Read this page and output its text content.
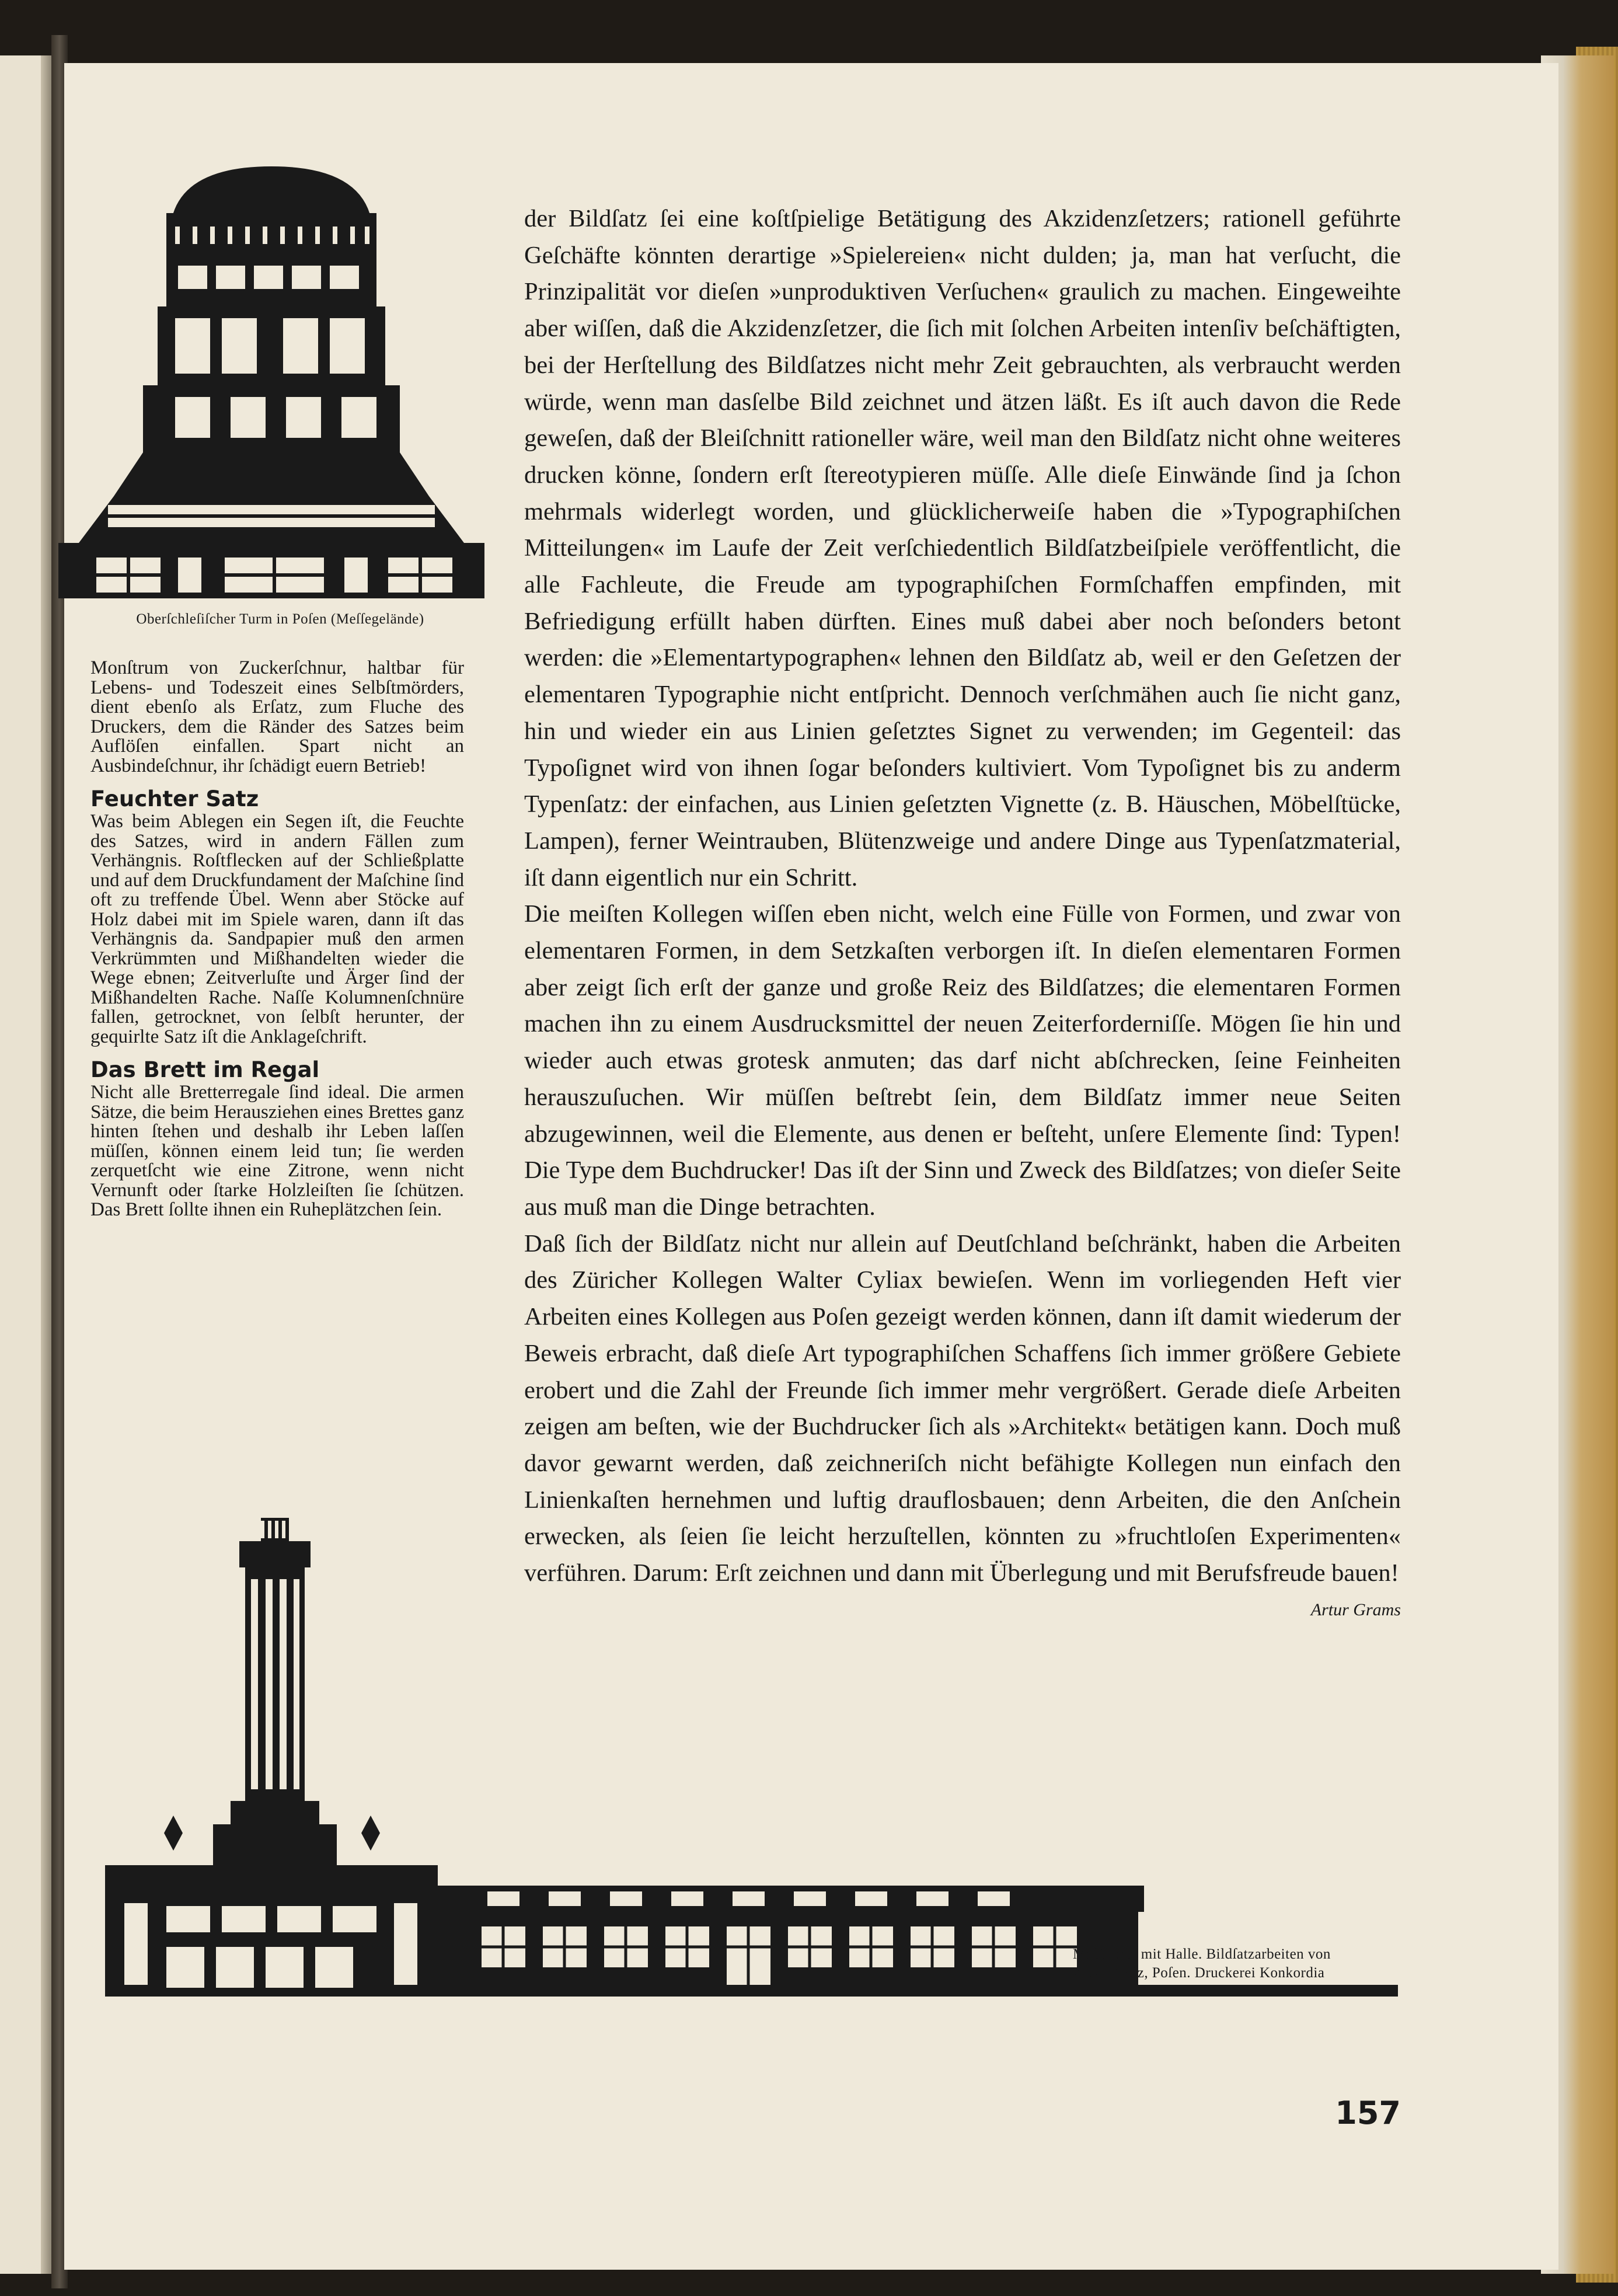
Oberſchleſiſcher Turm in Poſen (Meſſegelände)

Monſtrum von Zuckerſchnur, haltbar für Lebens- und Todeszeit eines Selbſtmörders, dient ebenſo als Erſatz, zum Fluche des Druckers, dem die Ränder des Satzes beim Auflöſen einfallen. Spart nicht an Ausbindeſchnur, ihr ſchädigt euern Betrieb!

Feuchter Satz

Was beim Ablegen ein Segen iſt, die Feuchte des Satzes, wird in andern Fällen zum Verhängnis. Roſtflecken auf der Schließplatte und auf dem Druckfundament der Maſchine ſind oft zu treffende Übel. Wenn aber Stöcke auf Holz dabei mit im Spiele waren, dann iſt das Verhängnis da. Sandpapier muß den armen Verkrümmten und Mißhandelten wieder die Wege ebnen; Zeitverluſte und Ärger ſind der Mißhandelten Rache. Naſſe Kolumnenſchnüre fallen, getrocknet, von ſelbſt herunter, der gequirlte Satz iſt die Anklageſchrift.

Das Brett im Regal

Nicht alle Bretterregale ſind ideal. Die armen Sätze, die beim Herausziehen eines Brettes ganz hinten ſtehen und deshalb ihr Leben laſſen müſſen, können einem leid tun; ſie werden zerquetſcht wie eine Zitrone, wenn nicht Vernunft oder ſtarke Holzleiſten ſie ſchützen. Das Brett ſollte ihnen ein Ruheplätzchen ſein.

der Bildſatz ſei eine koſtſpielige Betätigung des Akzidenzſetzers; rationell geführte Geſchäfte könnten derartige »Spielereien« nicht dulden; ja, man hat verſucht, die Prinzipalität vor dieſen »unproduktiven Verſuchen« graulich zu machen. Eingeweihte aber wiſſen, daß die Akzidenzſetzer, die ſich mit ſolchen Arbeiten intenſiv beſchäftigten, bei der Herſtellung des Bildſatzes nicht mehr Zeit gebrauchten, als verbraucht werden würde, wenn man dasſelbe Bild zeichnet und ätzen läßt. Es iſt auch davon die Rede geweſen, daß der Bleiſchnitt rationeller wäre, weil man den Bildſatz nicht ohne weiteres drucken könne, ſondern erſt ſtereotypieren müſſe. Alle dieſe Einwände ſind ja ſchon mehrmals widerlegt worden, und glücklicherweiſe haben die »Typographiſchen Mitteilungen« im Laufe der Zeit verſchiedentlich Bildſatzbeiſpiele veröffentlicht, die alle Fachleute, die Freude am typographiſchen Formſchaffen empfinden, mit Befriedigung erfüllt haben dürften. Eines muß dabei aber noch beſonders betont werden: die »Elementartypographen« lehnen den Bildſatz ab, weil er den Geſetzen der elementaren Typographie nicht entſpricht. Dennoch verſchmähen auch ſie nicht ganz, hin und wieder ein aus Linien geſetztes Signet zu verwenden; im Gegenteil: das Typoſignet wird von ihnen ſogar beſonders kultiviert. Vom Typoſignet bis zu anderm Typenſatz: der einfachen, aus Linien geſetzten Vignette (z. B. Häuschen, Möbelſtücke, Lampen), ferner Weintrauben, Blütenzweige und andere Dinge aus Typenſatzmaterial, iſt dann eigentlich nur ein Schritt.

Die meiſten Kollegen wiſſen eben nicht, welch eine Fülle von Formen, und zwar von elementaren Formen, in dem Setzkaſten verborgen iſt. In dieſen elementaren Formen aber zeigt ſich erſt der ganze und große Reiz des Bildſatzes; die elementaren Formen machen ihn zu einem Ausdrucksmittel der neuen Zeiterforderniſſe. Mögen ſie hin und wieder auch etwas grotesk anmuten; das darf nicht abſchrecken, ſeine Feinheiten herauszuſuchen. Wir müſſen beſtrebt ſein, dem Bildſatz immer neue Seiten abzugewinnen, weil die Elemente, aus denen er beſteht, unſere Elemente ſind: Typen! Die Type dem Buchdrucker! Das iſt der Sinn und Zweck des Bildſatzes; von dieſer Seite aus muß man die Dinge betrachten.

Daß ſich der Bildſatz nicht nur allein auf Deutſchland beſchränkt, haben die Arbeiten des Züricher Kollegen Walter Cyliax bewieſen. Wenn im vorliegenden Heft vier Arbeiten eines Kollegen aus Poſen gezeigt werden können, dann iſt damit wiederum der Beweis erbracht, daß dieſe Art typographiſchen Schaffens ſich immer größere Gebiete erobert und die Zahl der Freunde ſich immer mehr vergrößert. Gerade dieſe Arbeiten zeigen am beſten, wie der Buchdrucker ſich als »Architekt« betätigen kann. Doch muß davor gewarnt werden, daß zeichneriſch nicht befähigte Kollegen nun einfach den Linienkaſten hernehmen und luftig drauflosbauen; denn Arbeiten, die den Anſchein erwecken, als ſeien ſie leicht herzuſtellen, könnten zu »fruchtloſen Experimenten« verführen. Darum: Erſt zeichnen und dann mit Überlegung und mit Berufsfreude bauen!
Artur Grams

Meſſeturm mit Halle. Bildſatzarbeiten von
Alwin Golz, Poſen. Druckerei Konkordia
157
